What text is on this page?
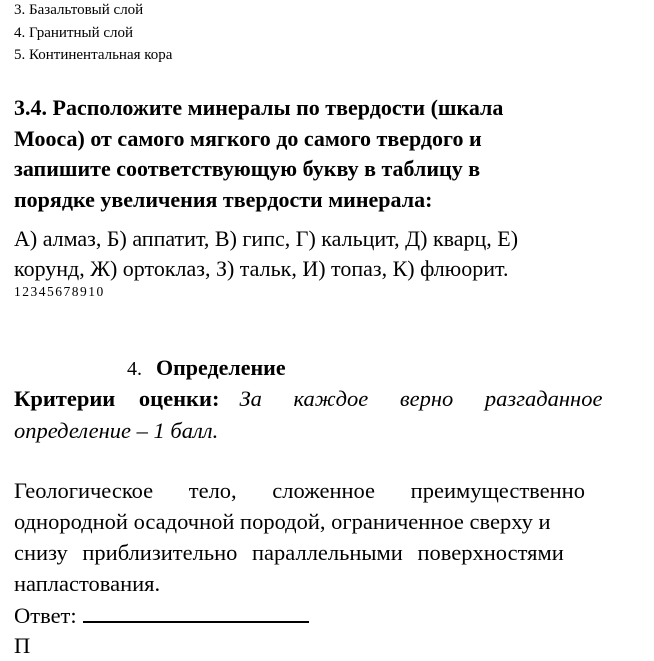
3. Базальтовый слой
4. Гранитный слой
5. Континентальная кора
3.4. Расположите минералы по твердости (шкала
Мооса) от самого мягкого до самого твердого и
запишите соответствующую букву в таблицу в
порядке увеличения твердости минерала:
А) алмаз, Б) аппатит, В) гипс, Г) кальцит, Д) кварц, Е)
корунд, Ж) ортоклаз, З) тальк, И) топаз, К) флюорит.
12345678910
4. Определение
Критерии оценки: За каждое верно разгаданное
определение – 1 балл.
Геологическое тело, сложенное преимущественно
однородной осадочной породой, ограниченное сверху и
снизу приблизительно параллельными поверхностями
напластования.
Ответ:
П
